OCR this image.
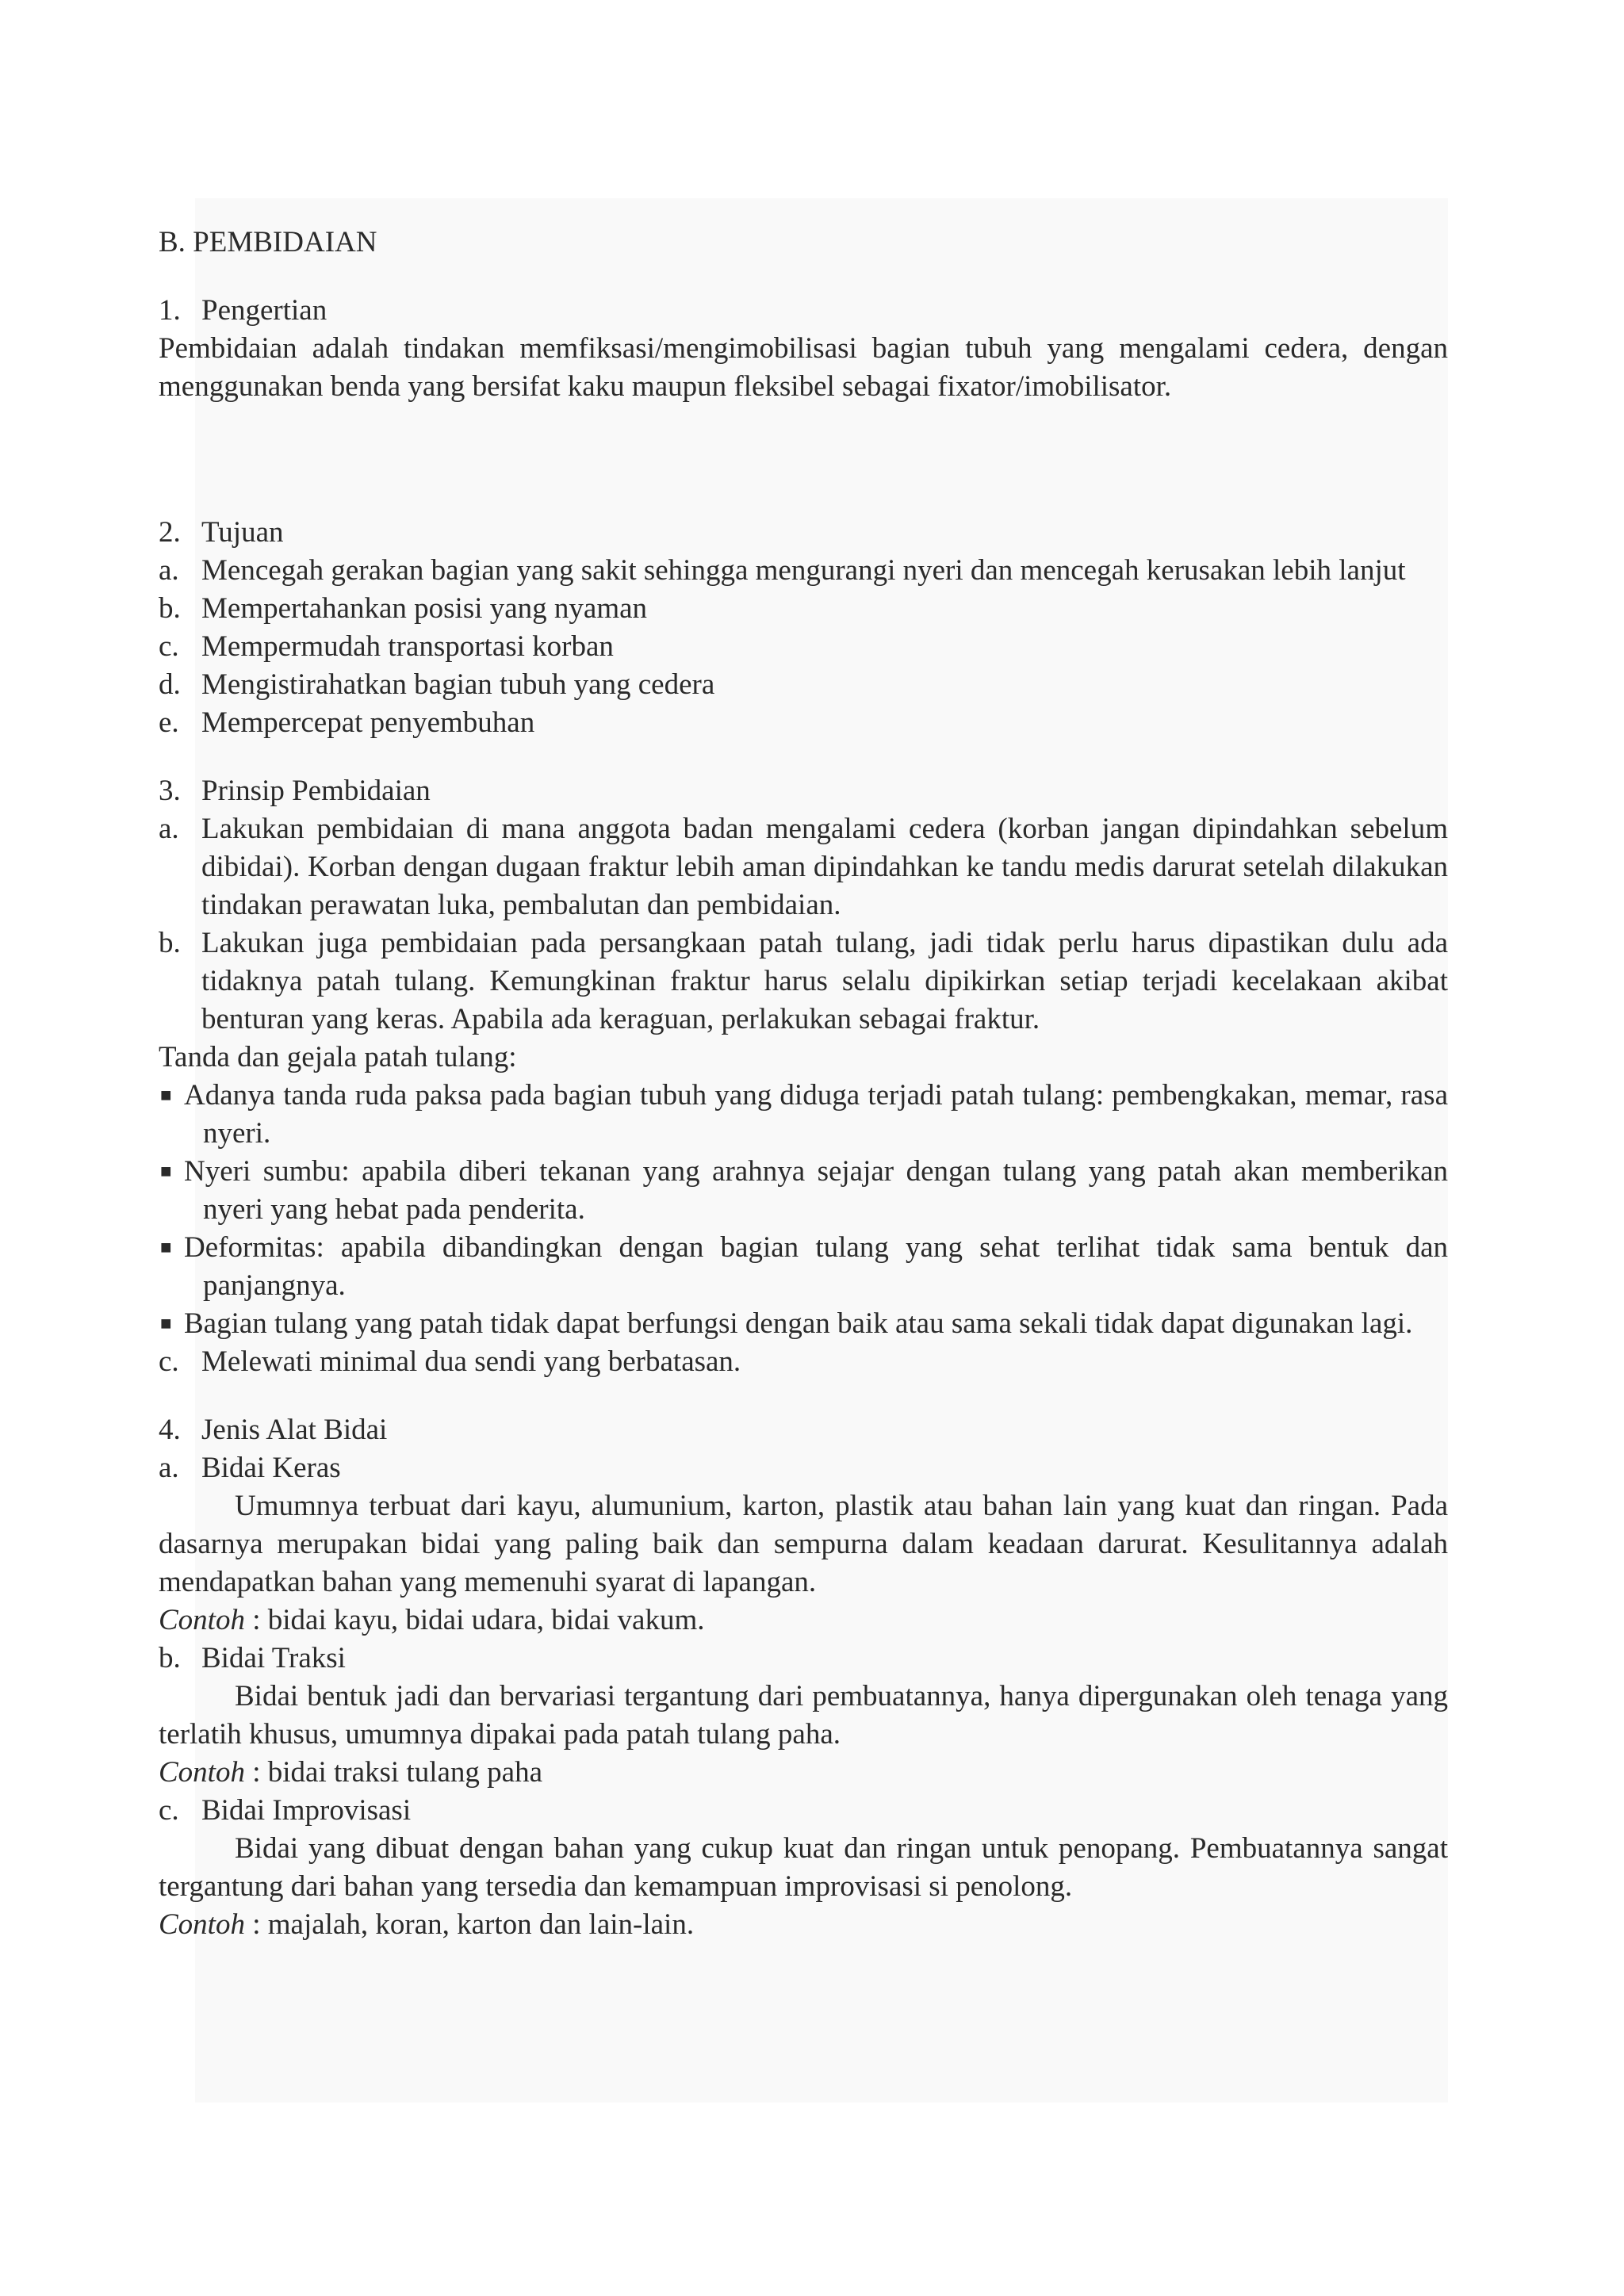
B. PEMBIDAIAN

1. Pengertian

Pembidaian adalah tindakan memfiksasi/mengimobilisasi bagian tubuh yang mengalami cedera, dengan menggunakan benda yang bersifat kaku maupun fleksibel sebagai fixator/imobilisator.

2. Tujuan

a. Mencegah gerakan bagian yang sakit sehingga mengurangi nyeri dan mencegah kerusakan lebih lanjut
b. Mempertahankan posisi yang nyaman
c. Mempermudah transportasi korban
d. Mengistirahatkan bagian tubuh yang cedera
e. Mempercepat penyembuhan

3. Prinsip Pembidaian

a. Lakukan pembidaian di mana anggota badan mengalami cedera (korban jangan dipindahkan sebelum dibidai). Korban dengan dugaan fraktur lebih aman dipindahkan ke tandu medis darurat setelah dilakukan tindakan perawatan luka, pembalutan dan pembidaian.
b. Lakukan juga pembidaian pada persangkaan patah tulang, jadi tidak perlu harus dipastikan dulu ada tidaknya patah tulang. Kemungkinan fraktur harus selalu dipikirkan setiap terjadi kecelakaan akibat benturan yang keras. Apabila ada keraguan, perlakukan sebagai fraktur.

Tanda dan gejala patah tulang:

■ Adanya tanda ruda paksa pada bagian tubuh yang diduga terjadi patah tulang: pembengkakan, memar, rasa nyeri.
■ Nyeri sumbu: apabila diberi tekanan yang arahnya sejajar dengan tulang yang patah akan memberikan nyeri yang hebat pada penderita.
■ Deformitas: apabila dibandingkan dengan bagian tulang yang sehat terlihat tidak sama bentuk dan panjangnya.
■ Bagian tulang yang patah tidak dapat berfungsi dengan baik atau sama sekali tidak dapat digunakan lagi.
c. Melewati minimal dua sendi yang berbatasan.

4. Jenis Alat Bidai

a. Bidai Keras

Umumnya terbuat dari kayu, alumunium, karton, plastik atau bahan lain yang kuat dan ringan. Pada dasarnya merupakan bidai yang paling baik dan sempurna dalam keadaan darurat. Kesulitannya adalah mendapatkan bahan yang memenuhi syarat di lapangan.

Contoh : bidai kayu, bidai udara, bidai vakum.

b. Bidai Traksi

Bidai bentuk jadi dan bervariasi tergantung dari pembuatannya, hanya dipergunakan oleh tenaga yang terlatih khusus, umumnya dipakai pada patah tulang paha.

Contoh : bidai traksi tulang paha

c. Bidai Improvisasi

Bidai yang dibuat dengan bahan yang cukup kuat dan ringan untuk penopang. Pembuatannya sangat tergantung dari bahan yang tersedia dan kemampuan improvisasi si penolong.

Contoh : majalah, koran, karton dan lain-lain.
